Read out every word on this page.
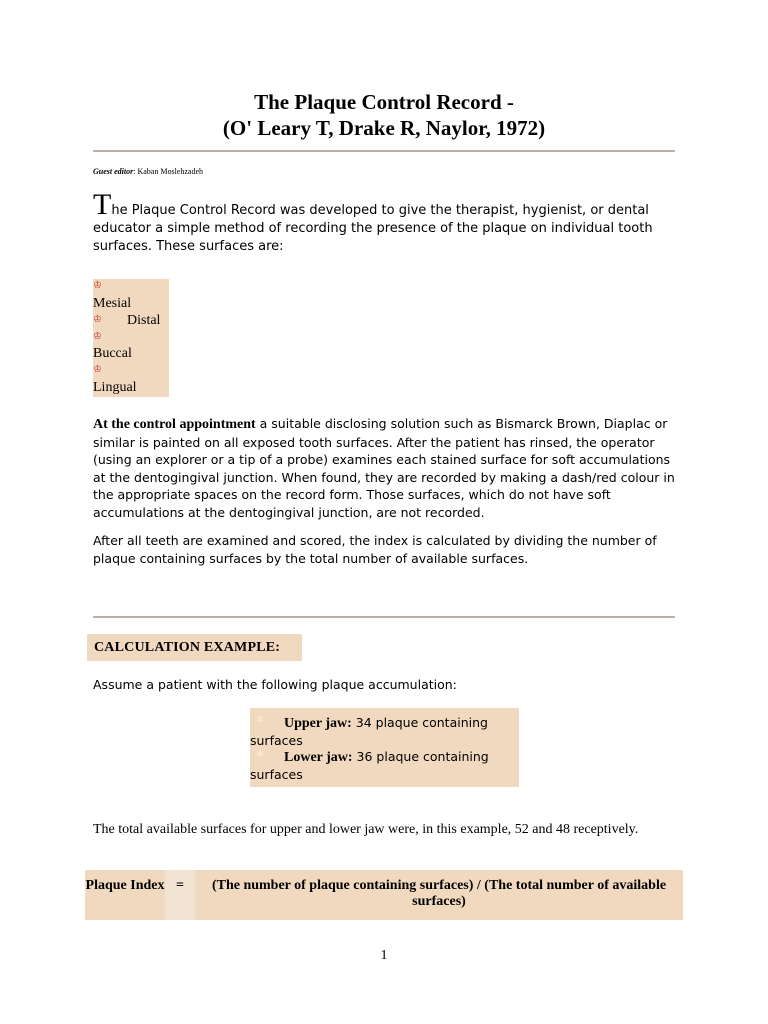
The Plaque Control Record -
(O' Leary T, Drake R, Naylor, 1972)
Guest editor: Kaban Moslehzadeh
The Plaque Control Record was developed to give the therapist, hygienist, or dental educator a simple method of recording the presence of the plaque on individual tooth surfaces. These surfaces are:
♔
Mesial
♔ Distal
♔
Buccal
♔
Lingual
At the control appointment a suitable disclosing solution such as Bismarck Brown, Diaplac or similar is painted on all exposed tooth surfaces. After the patient has rinsed, the operator (using an explorer or a tip of a probe) examines each stained surface for soft accumulations at the dentogingival junction. When found, they are recorded by making a dash/red colour in the appropriate spaces on the record form. Those surfaces, which do not have soft accumulations at the dentogingival junction, are not recorded.
After all teeth are examined and scored, the index is calculated by dividing the number of plaque containing surfaces by the total number of available surfaces.
CALCULATION EXAMPLE:
Assume a patient with the following plaque accumulation:
✱	Upper jaw: 34 plaque containing surfaces
✱	Lower jaw: 36 plaque containing surfaces
The total available surfaces for upper and lower jaw were, in this example, 52 and 48 receptively.
Plaque Index =	(The number of plaque containing surfaces) / (The total number of available surfaces)
1
